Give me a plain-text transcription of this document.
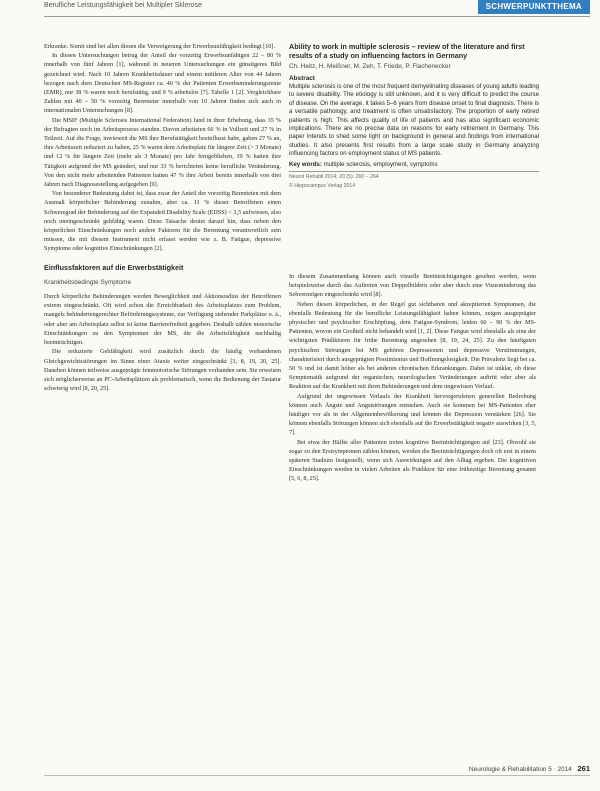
Berufliche Leistungsfähigkeit bei Multipler Sklerose	SCHWERPUNKTTHEMA

Ability to work in multiple sclerosis – review of the literature and first results of a study on influencing factors in Germany

Ch. Heitz, H. Meißner, M. Zeh, T. Friede, P. Flachenecker
Abstract
Multiple sclerosis is one of the most frequent demyelinating diseases of young adults leading to severe disability. The etiology is still unknown, and it is very difficult to predict the course of disease. On the average, it takes 5–6 years from disease onset to final diagnosis. There is a versatile pathology, and treatment is often unsatisfactory. The proportion of early retired patients is high. This affects quality of life of patients and has also significant economic implications. There are no precise data on reasons for early retirement in Germany. This paper intends to shed some light on background in general and findings from international studies. It also presents first results from a large scale study in Germany analyzing influencing factors on employment status of MS patients.
Key words: multiple sclerosis, employment, symptoms
Neurol Rehabil 2014; 20 (5): 260 – 264
© Hippocampus Verlag 2014

Erkranke. Somit sind bei allen diesen die Verweigerung der Erwerbsunfähigkeit bedingt [10].

In diesen Untersuchungen betrug der Anteil der vorzeitig Erwerbsunfähigen 22 – 80 % innerhalb von fünf Jahren [1], während in neueren Untersuchungen ein günstigeres Bild gezeichnet wird. Nach 10 Jahren Krankheitsdauer und einem mittleren Alter von 44 Jahren bezogen nach dem Deutschen MS-Register ca. 40 % der Patienten Erwerbsminderungsrente (EMR), nur 38 % waren noch berufstätig, und 9 % arbeitslos [7]. Tabelle 1 [2]. Vergleichbare Zahlen mit 40 – 50 % vorzeitig Berenteter innerhalb von 10 Jahren finden sich auch in internationalen Untersuchungen [8].

Die MSIF (Multiple Sclerosis International Federation) fand in ihrer Erhebung, dass 35 % der Befragten noch im Arbeitsprozess standen. Davon arbeiteten 66 % in Vollzeit und 27 % in Teilzeit. Auf die Frage, inwieweit die MS ihre Berufstätigkeit beeinflusst habe, gaben 27 % an, ihre Arbeitszeit reduziert zu haben, 25 % waren dem Arbeitsplatz für längere Zeit (> 3 Monate) und 12 % für längere Zeit (mehr als 3 Monate) pro Jahr ferngeblieben, 19 % hatten ihre Tätigkeit aufgrund der MS geändert, und nur 33 % berichteten keine berufliche Veränderung. Von den nicht mehr arbeitenden Patienten hatten 47 % ihre Arbeit bereits innerhalb von drei Jahren nach Diagnosestellung aufgegeben [9].

Von besonderer Bedeutung dabei ist, dass zwar der Anteil der vorzeitig Berenteten mit dem Ausmaß körperlicher Behinderung zunahm, aber ca. 11 % dieser Betroffenen einen Schweregrad der Behinderung auf der Expanded Disability Scale (EDSS) < 3,5 aufwiesen, also noch uneingeschränkt gehfähig waren. Diese Tatsache deutet darauf hin, dass neben den körperlichen Einschränkungen noch andere Faktoren für die Berentung verantwortlich sein müssen, die mit diesem Instrument nicht erfasst werden wie z. B. Fatigue, depressive Symptome oder kognitive Einschränkungen [2].

Einflussfaktoren auf die Erwerbstätigkeit
Krankheitsbedingte Symptome

Durch körperliche Behinderungen werden Beweglichkeit und Aktionsradius der Betroffenen extrem eingeschränkt. Oft wird schon die Erreichbarkeit des Arbeitsplatzes zum Problem, mangels behindertengerechter Beförderungssysteme, zur Verfügung stehender Parkplätze o. ä., oder aber am Arbeitsplatz selbst ist keine Barrierefreiheit gegeben. Deshalb zählen motorische Einschränkungen zu den Symptomen der MS, die die Arbeitsfähigkeit nachhaltig beeinträchtigen.

Die reduzierte Gehfähigkeit wird zusätzlich durch die häufig vorhandenen Gleichgewichtsstörungen im Sinne einer Ataxie weiter eingeschränkt [3, 8, 19, 20, 25]. Daneben können teilweise ausgeprägte feinmotorische Störungen vorhanden sein. Sie erweisen sich möglicherweise an PC-Arbeitsplätzen als problematisch, wenn die Bedienung der Tastatur schwierig wird [8, 20, 25].

In diesem Zusammenhang können auch visuelle Beeinträchtigungen gesehen werden, wenn beispielsweise durch das Auftreten von Doppelbildern oder aber durch eine Visusminderung das Sehvermögen eingeschränkt wird [8].

Neben diesen körperlichen, in der Regel gut sichtbaren und akzeptierten Symptomen, die ebenfalls Bedeutung für die berufliche Leistungsfähigkeit haben können, zeigen ausgeprägter physischer und psychischer Erschöpfung, dem Fatigue-Syndrom, leiden 60 – 90 % der MS-Patienten, wovon ein Großteil nicht behandelt wird [1, 2]. Diese Fatigue wird ebenfalls als eine der wichtigsten Prädiktoren für frühe Berentung angesehen [8, 19, 24, 25]. Zu den häufigsten psychischen Störungen bei MS gehören Depressionen und depressive Verstimmungen, charakterisiert durch ausgeprägten Pessimismus und Hoffnungslosigkeit. Die Prävalenz liegt bei ca. 50 % und ist damit höher als bei anderen chronischen Erkrankungen. Dabei ist unklar, ob diese Symptomatik aufgrund der organischen, neurologischen Veränderungen auftritt oder aber als Reaktion auf die Krankheit mit ihren Behinderungen und dem ungewissen Verlauf.

Aufgrund der ungewissen Verlaufs der Krankheit hervorgerufenen generellen Bedrohung können auch Ängste und Angststörungen entstehen. Auch sie kommen bei MS-Patienten eher häufiger vor als in der Allgemeinbevölkerung und können die Depression verstärken [26]. Sie können ebenfalls Störungen können sich ebenfalls auf die Erwerbstätigkeit negativ auswirken [3, 5, 7].

Bei etwa der Hälfte aller Patienten treten kognitive Beeinträchtigungen auf [23]. Obwohl sie sogar zu den Erstsymptomen zählen können, werden die Beeinträchtigungen doch oft erst in einem späteren Stadium festgestellt, wenn sich Auswirkungen auf den Alltag ergeben. Die kognitiven Einschränkungen werden in vielen Arbeiten als Prädiktor für eine frühzeitige Berentung genannt [5, 6, 8, 25].

Neurologie & Rehabilitation 5 · 2014 261
